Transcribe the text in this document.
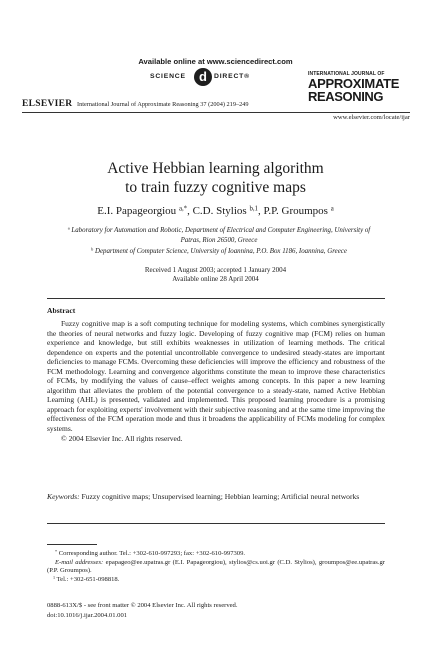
Available online at www.sciencedirect.com
SCIENCE	d	DIRECT®
ELSEVIER International Journal of Approximate Reasoning 37 (2004) 219–249
INTERNATIONAL JOURNAL OF
APPROXIMATE
REASONING
www.elsevier.com/locate/ijar
Active Hebbian learning algorithm
to train fuzzy cognitive maps
E.I. Papageorgiou $^{a,*}$, C.D. Stylios $^{b,1}$, P.P. Groumpos $^a$
$^a$ Laboratory for Automation and Robotic, Department of Electrical and Computer Engineering, University of Patras, Rion 26500, Greece
$^b$ Department of Computer Science, University of Ioannina, P.O. Box 1186, Ioannina, Greece
Received 1 August 2003; accepted 1 January 2004
Available online 28 April 2004
Abstract

Fuzzy cognitive map is a soft computing technique for modeling systems, which combines synergistically the theories of neural networks and fuzzy logic. Developing of fuzzy cognitive map (FCM) relies on human experience and knowledge, but still exhibits weaknesses in utilization of learning methods. The critical dependence on experts and the potential uncontrollable convergence to undesired steady-states are important deficiencies to manage FCMs. Overcoming these deficiencies will improve the efficiency and robustness of the FCM methodology. Learning and convergence algorithms constitute the mean to improve these characteristics of FCMs, by modifying the values of cause–effect weights among concepts. In this paper a new learning algorithm that alleviates the problem of the potential convergence to a steady-state, named Active Hebbian Learning (AHL) is presented, validated and implemented. This proposed learning procedure is a promising approach for exploiting experts' involvement with their subjective reasoning and at the same time improving the effectiveness of the FCM operation mode and thus it broadens the applicability of FCMs modeling for complex systems.

© 2004 Elsevier Inc. All rights reserved.

Keywords: Fuzzy cognitive maps; Unsupervised learning; Hebbian learning; Artificial neural networks

* Corresponding author. Tel.: +302-610-997293; fax: +302-610-997309.

E-mail addresses: epapageo@ee.upatras.gr (E.I. Papageorgiou), stylios@cs.uoi.gr (C.D. Stylios), groumpos@ee.upatras.gr (P.P. Groumpos).

$^1$ Tel.: +302-651-098818.

0888-613X/$ - see front matter © 2004 Elsevier Inc. All rights reserved.
doi:10.1016/j.ijar.2004.01.001
